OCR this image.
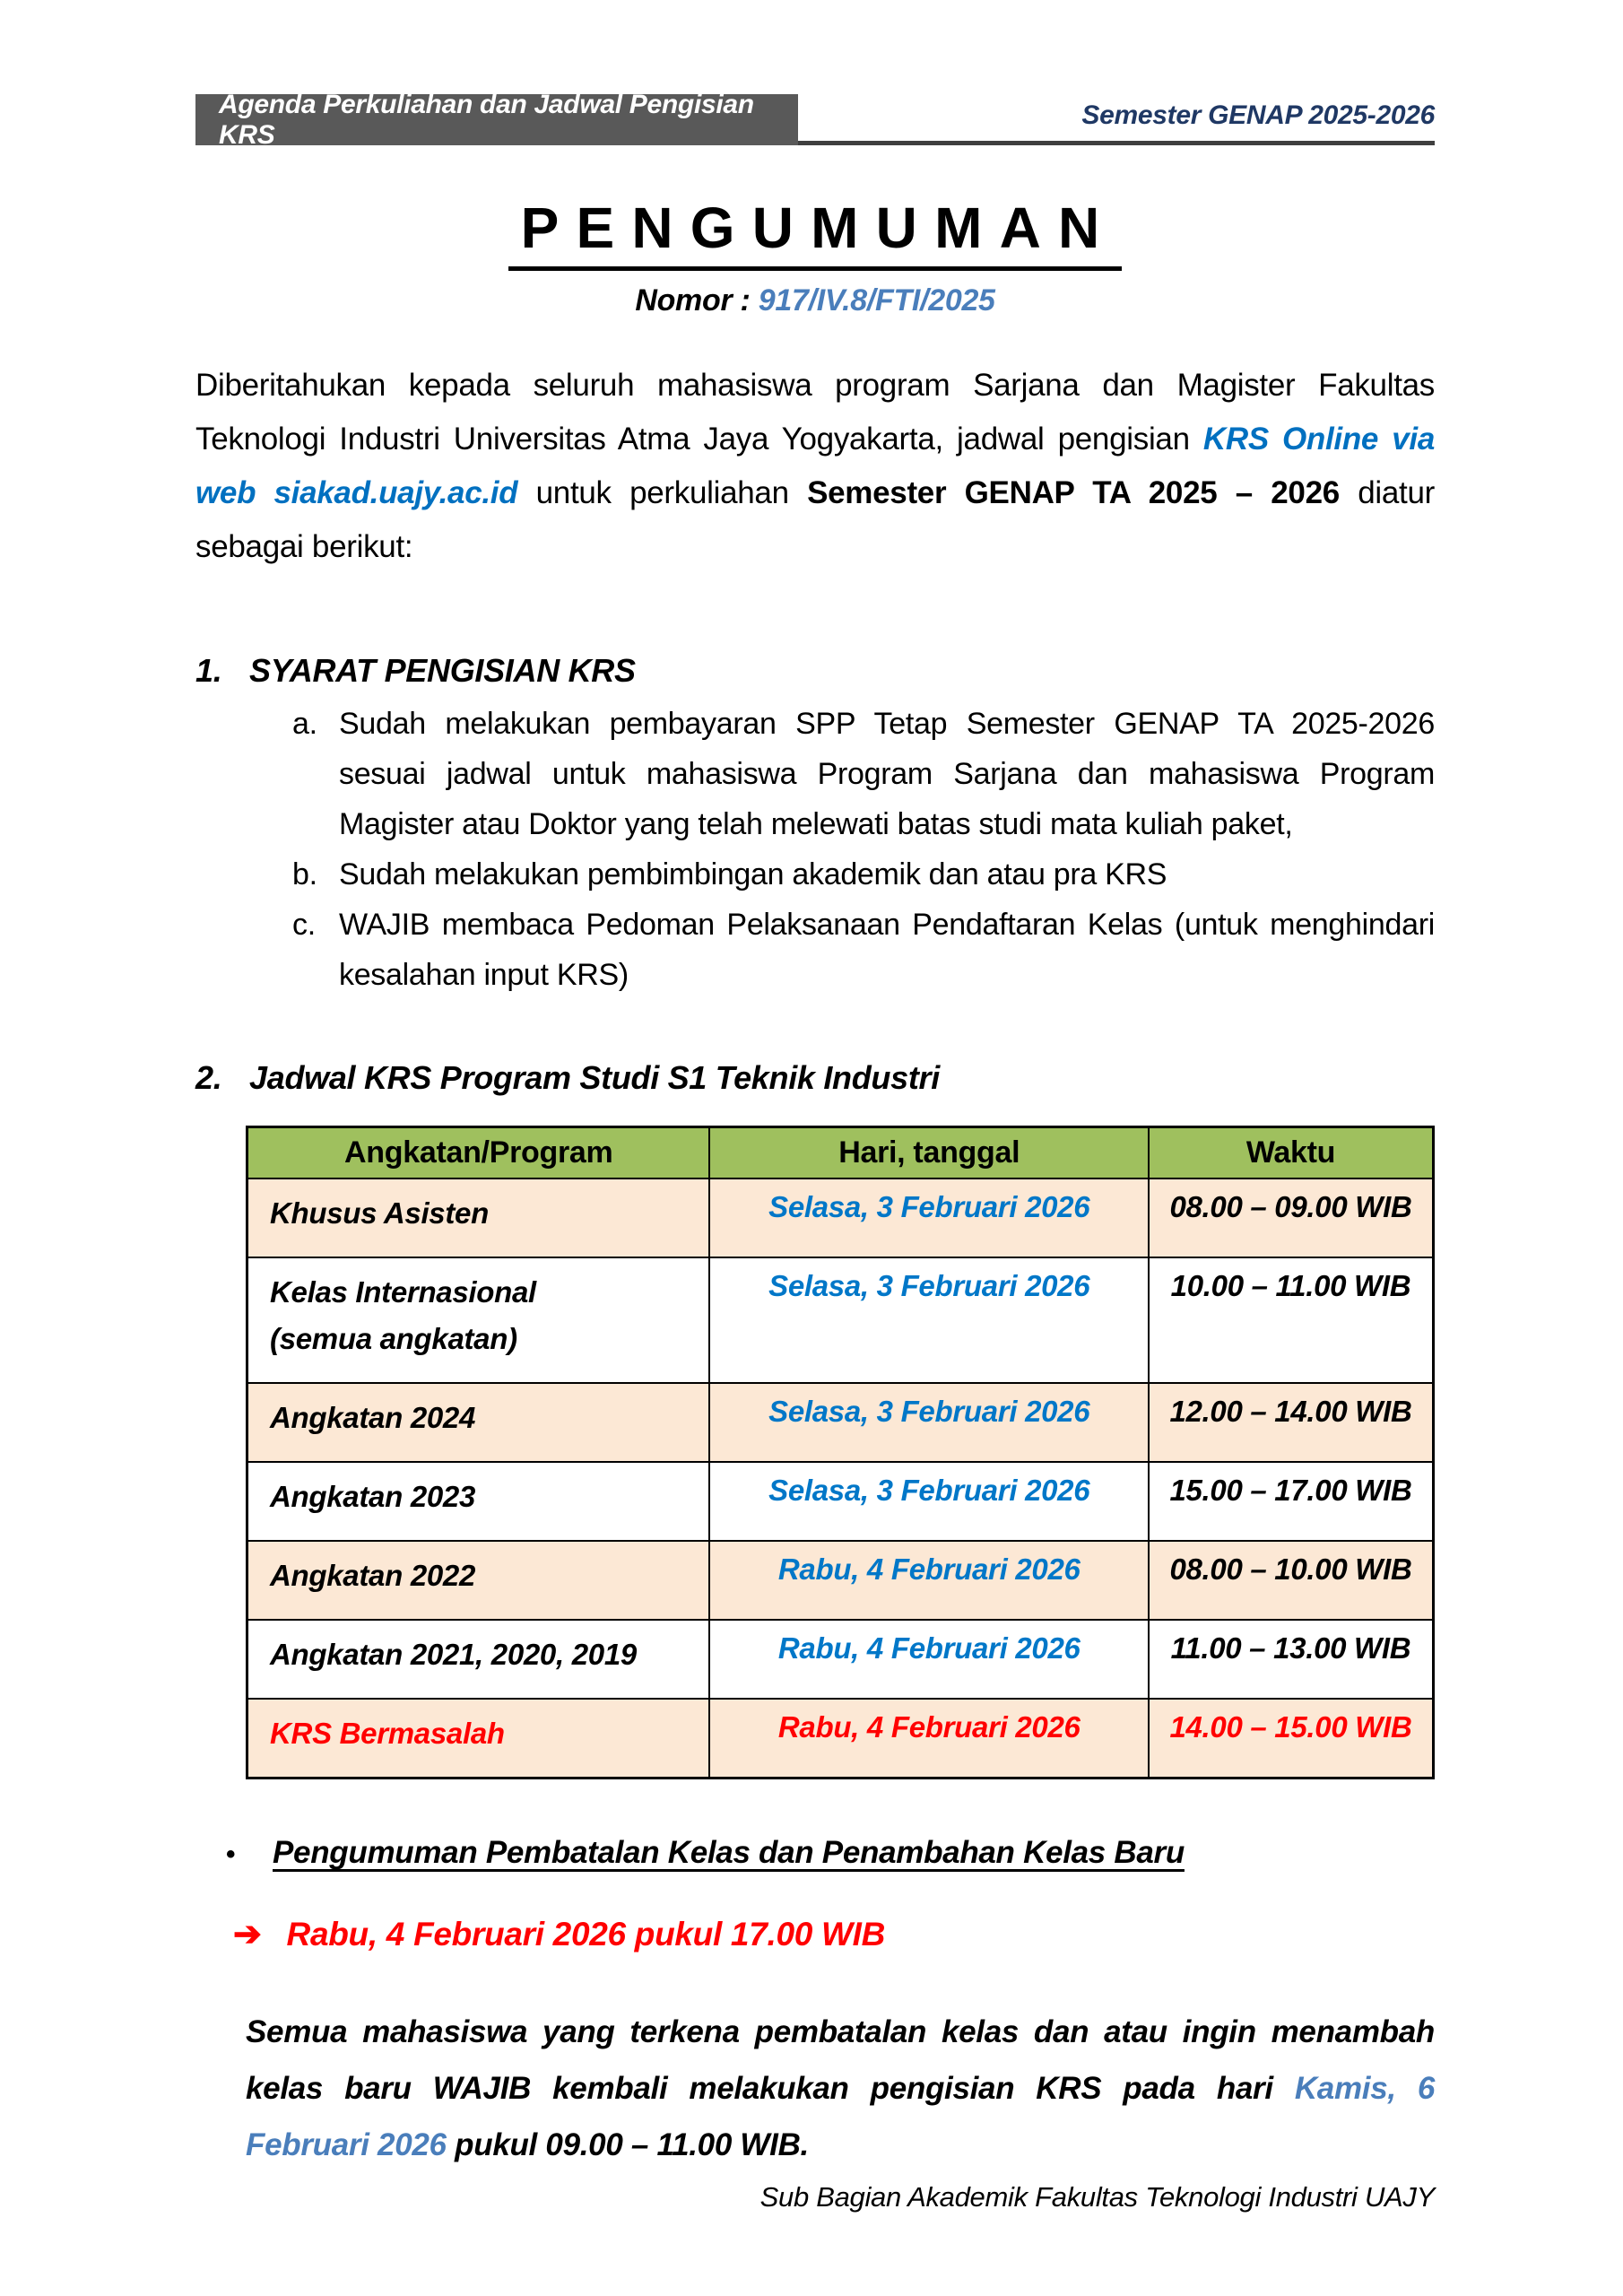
Agenda Perkuliahan dan Jadwal Pengisian KRS
Semester GENAP 2025-2026
PENGUMUMAN
Nomor : 917/IV.8/FTI/2025

Diberitahukan kepada seluruh mahasiswa program Sarjana dan Magister Fakultas Teknologi Industri Universitas Atma Jaya Yogyakarta, jadwal pengisian KRS Online via web siakad.uajy.ac.id untuk perkuliahan Semester GENAP TA 2025 – 2026 diatur sebagai berikut:

1. SYARAT PENGISIAN KRS
a. Sudah melakukan pembayaran SPP Tetap Semester GENAP TA 2025-2026 sesuai jadwal untuk mahasiswa Program Sarjana dan mahasiswa Program Magister atau Doktor yang telah melewati batas studi mata kuliah paket,
b. Sudah melakukan pembimbingan akademik dan atau pra KRS
c. WAJIB membaca Pedoman Pelaksanaan Pendaftaran Kelas (untuk menghindari kesalahan input KRS)
2. Jadwal KRS Program Studi S1 Teknik Industri
Angkatan/Program	Hari, tanggal	Waktu
Khusus Asisten	Selasa, 3 Februari 2026	08.00 – 09.00 WIB

Kelas Internasional
(semua angkatan)	Selasa, 3 Februari 2026	10.00 – 11.00 WIB
Angkatan 2024	Selasa, 3 Februari 2026	12.00 – 14.00 WIB
Angkatan 2023	Selasa, 3 Februari 2026	15.00 – 17.00 WIB
Angkatan 2022	Rabu, 4 Februari 2026	08.00 – 10.00 WIB
Angkatan 2021, 2020, 2019	Rabu, 4 Februari 2026	11.00 – 13.00 WIB
KRS Bermasalah	Rabu, 4 Februari 2026	14.00 – 15.00 WIB
•	Pengumuman Pembatalan Kelas dan Penambahan Kelas Baru
➔ Rabu, 4 Februari 2026 pukul 17.00 WIB

Semua mahasiswa yang terkena pembatalan kelas dan atau ingin menambah kelas baru WAJIB kembali melakukan pengisian KRS pada hari Kamis, 6 Februari 2026 pukul 09.00 – 11.00 WIB.

Sub Bagian Akademik Fakultas Teknologi Industri UAJY
